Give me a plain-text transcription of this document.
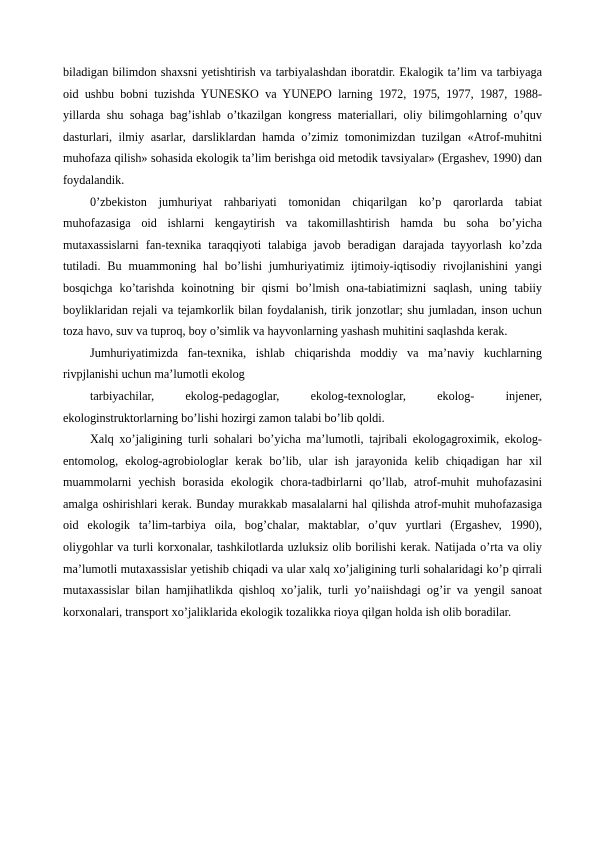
biladigan bilimdon shaxsni yetishtirish va tarbiyalashdan iboratdir. Ekalogik ta’lim va tarbiyaga oid ushbu bobni tuzishda YUNESKO va YUNEPO larning 1972, 1975, 1977, 1987, 1988- yillarda shu sohaga bag’ishlab o’tkazilgan kongress materiallari, oliy bilimgohlarning o’quv dasturlari, ilmiy asarlar, darsliklardan hamda o’zimiz tomonimizdan tuzilgan «Atrof-muhitni muhofaza qilish» sohasida ekologik ta’lim berishga oid metodik tavsiyalar» (Ergashev, 1990) dan foydalandik.

0’zbekiston jumhuriyat rahbariyati tomonidan chiqarilgan ko’p qarorlarda tabiat muhofazasiga oid ishlarni kengaytirish va takomillashtirish hamda bu soha bo’yicha mutaxassislarni fan-texnika taraqqiyoti talabiga javob beradigan darajada tayyorlash ko’zda tutiladi. Bu muammoning hal bo’lishi jumhuriyatimiz ijtimoiy-iqtisodiy rivojlanishini yangi bosqichga ko’tarishda koinotning bir qismi bo’lmish ona-tabiatimizni saqlash, uning tabiiy boyliklaridan rejali va tejamkorlik bilan foydalanish, tirik jonzotlar; shu jumladan, inson uchun toza havo, suv va tuproq, boy o’simlik va hayvonlarning yashash muhitini saqlashda kerak.

Jumhuriyatimizda fan-texnika, ishlab chiqarishda moddiy va ma’naviy kuchlarning rivpjlanishi uchun ma’lumotli ekolog

tarbiyachilar, ekolog-pedagoglar, ekolog-texnologlar, ekolog- injener, ekologinstruktorlarning bo’lishi hozirgi zamon talabi bo’lib qoldi.

Xalq xo’jaligining turli sohalari bo’yicha ma’lumotli, tajribali ekologagroximik, ekolog-entomolog, ekolog-agrobiologlar kerak bo’lib, ular ish jarayonida kelib chiqadigan har xil muammolarni yechish borasida ekologik chora-tadbirlarni qo’llab, atrof-muhit muhofazasini amalga oshirishlari kerak. Bunday murakkab masalalarni hal qilishda atrof-muhit muhofazasiga oid ekologik ta’lim-tarbiya oila, bog’chalar, maktablar, o’quv yurtlari (Ergashev, 1990), oliygohlar va turli korxonalar, tashkilotlarda uzluksiz olib borilishi kerak. Natijada o’rta va oliy ma’lumotli mutaxassislar yetishib chiqadi va ular xalq xo’jaligining turli sohalaridagi ko’p qirrali mutaxassislar bilan hamjihatlikda qishloq xo’jalik, turli yo’naiishdagi og’ir va yengil sanoat korxonalari, transport xo’jaliklarida ekologik tozalikka rioya qilgan holda ish olib boradilar.
